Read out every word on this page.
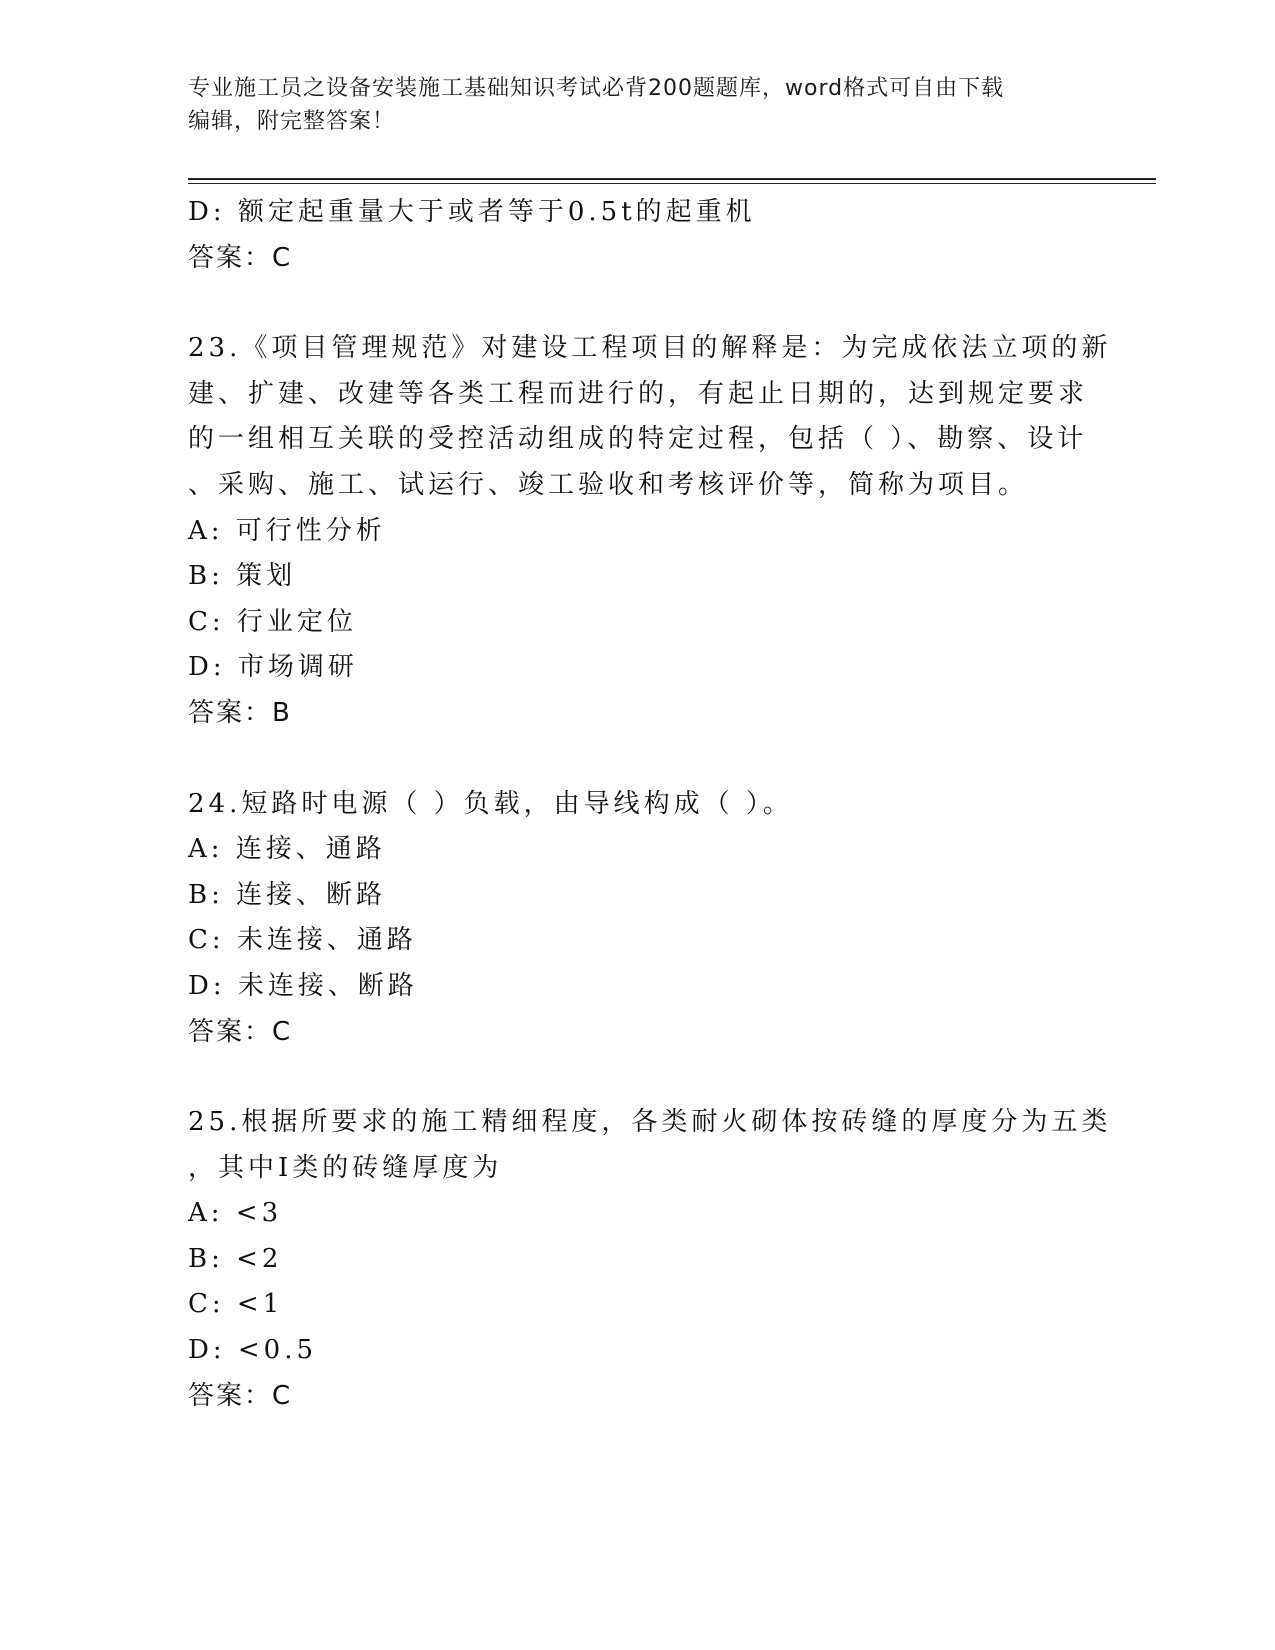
专业施工员之设备安装施工基础知识考试必背200题题库，word格式可自由下载
编辑，附完整答案！
D: 额定起重量大于或者等于0.5t的起重机
答案：C
23.《项目管理规范》对建设工程项目的解释是：为完成依法立项的新
建、扩建、改建等各类工程而进行的，有起止日期的，达到规定要求
的一组相互关联的受控活动组成的特定过程，包括（ ）、勘察、设计
、采购、施工、试运行、竣工验收和考核评价等，简称为项目。
A: 可行性分析
B: 策划
C: 行业定位
D: 市场调研
答案：B
24.短路时电源（ ）负载，由导线构成（ ）。
A: 连接、通路
B: 连接、断路
C: 未连接、通路
D: 未连接、断路
答案：C
25.根据所要求的施工精细程度，各类耐火砌体按砖缝的厚度分为五类
，其中I类的砖缝厚度为
A: <3
B: <2
C: <1
D: <0.5
答案：C
